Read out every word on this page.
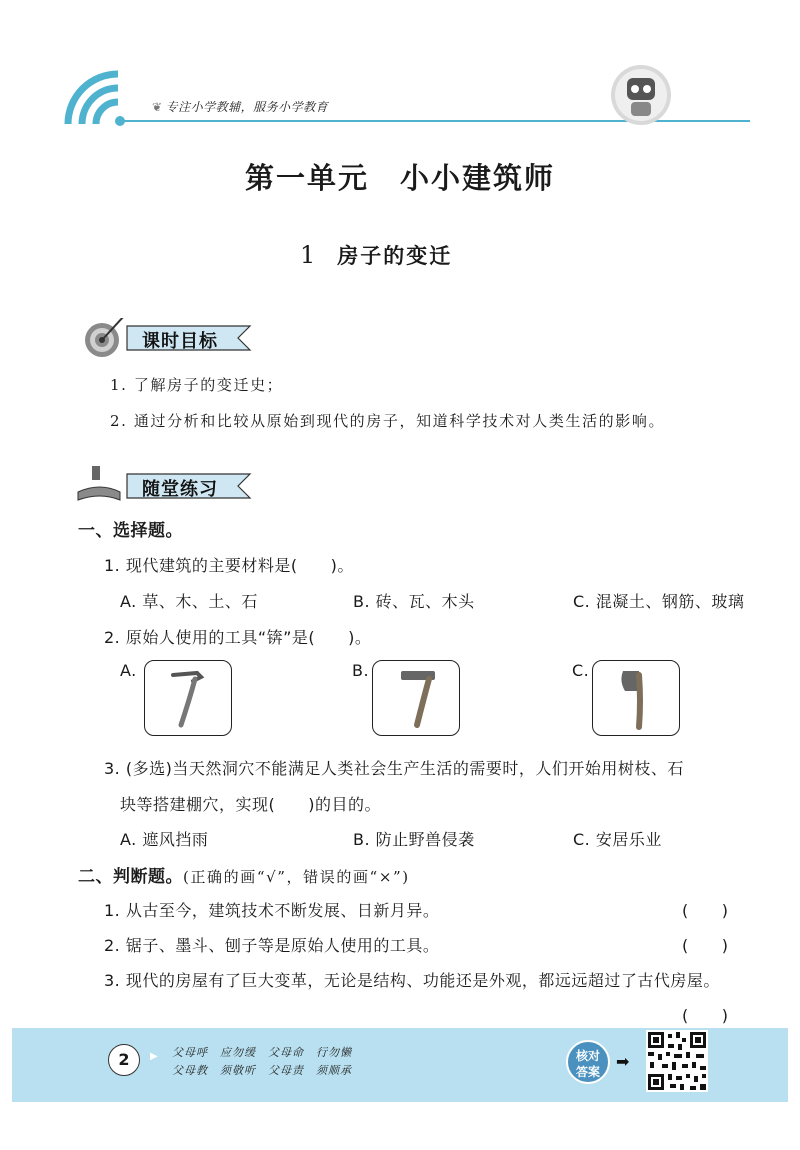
❦ 专注小学教辅，服务小学教育
第一单元　小小建筑师
1 房子的变迁
课时目标
1. 了解房子的变迁史；
2. 通过分析和比较从原始到现代的房子，知道科学技术对人类生活的影响。
随堂练习
一、选择题。
1. 现代建筑的主要材料是(　　)。
A. 草、木、土、石	B. 砖、瓦、木头	C. 混凝土、钢筋、玻璃
2. 原始人使用的工具“锛”是(　　)。
A.	B.	C.
3. (多选)当天然洞穴不能满足人类社会生产生活的需要时，人们开始用树枝、石
块等搭建棚穴，实现(　　)的目的。
A. 遮风挡雨	B. 防止野兽侵袭	C. 安居乐业
二、判断题。(正确的画“√”，错误的画“×”)
1. 从古至今，建筑技术不断发展、日新月异。	(　　)
2. 锯子、墨斗、刨子等是原始人使用的工具。	(　　)
3. 现代的房屋有了巨大变革，无论是结构、功能还是外观，都远远超过了古代房屋。
(　　)
2	▶ 父母呼　应勿缓　父母命　行勿懒
父母教　须敬听　父母责　须顺承
核对
答案
➡
